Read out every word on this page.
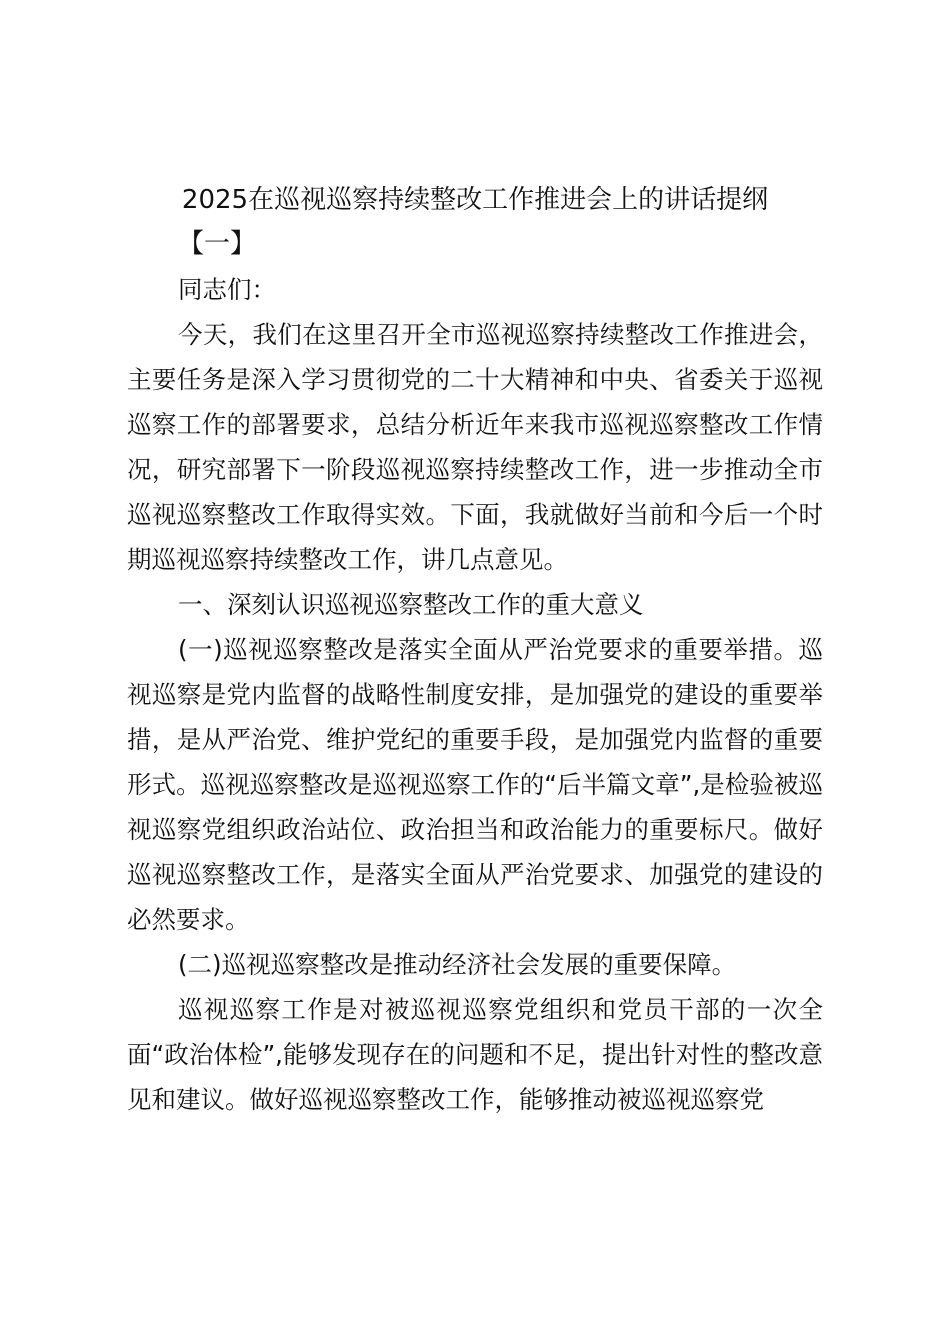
2025在巡视巡察持续整改工作推进会上的讲话提纲
【一】

同志们：

今天，我们在这里召开全市巡视巡察持续整改工作推进会，主要任务是深入学习贯彻党的二十大精神和中央、省委关于巡视巡察工作的部署要求，总结分析近年来我市巡视巡察整改工作情况，研究部署下一阶段巡视巡察持续整改工作，进一步推动全市巡视巡察整改工作取得实效。下面，我就做好当前和今后一个时期巡视巡察持续整改工作，讲几点意见。

一、深刻认识巡视巡察整改工作的重大意义

(一)巡视巡察整改是落实全面从严治党要求的重要举措。巡视巡察是党内监督的战略性制度安排，是加强党的建设的重要举措，是从严治党、维护党纪的重要手段，是加强党内监督的重要形式。巡视巡察整改是巡视巡察工作的“后半篇文章”,是检验被巡视巡察党组织政治站位、政治担当和政治能力的重要标尺。做好巡视巡察整改工作，是落实全面从严治党要求、加强党的建设的必然要求。

(二)巡视巡察整改是推动经济社会发展的重要保障。

巡视巡察工作是对被巡视巡察党组织和党员干部的一次全面“政治体检”,能够发现存在的问题和不足，提出针对性的整改意见和建议。做好巡视巡察整改工作，能够推动被巡视巡察党
